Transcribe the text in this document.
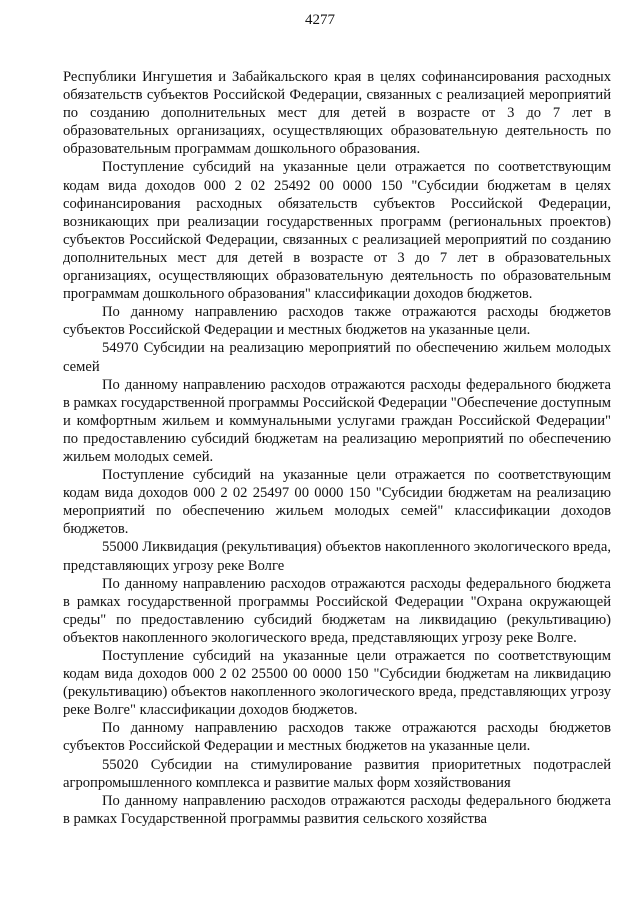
4277

Республики Ингушетия и Забайкальского края в целях софинансирования расходных обязательств субъектов Российской Федерации, связанных с реализацией мероприятий по созданию дополнительных мест для детей в возрасте от 3 до 7 лет в образовательных организациях, осуществляющих образовательную деятельность по образовательным программам дошкольного образования.

Поступление субсидий на указанные цели отражается по соответствующим кодам вида доходов 000 2 02 25492 00 0000 150 "Субсидии бюджетам в целях софинансирования расходных обязательств субъектов Российской Федерации, возникающих при реализации государственных программ (региональных проектов) субъектов Российской Федерации, связанных с реализацией мероприятий по созданию дополнительных мест для детей в возрасте от 3 до 7 лет в образовательных организациях, осуществляющих образовательную деятельность по образовательным программам дошкольного образования" классификации доходов бюджетов.

По данному направлению расходов также отражаются расходы бюджетов субъектов Российской Федерации и местных бюджетов на указанные цели.

54970 Субсидии на реализацию мероприятий по обеспечению жильем молодых семей

По данному направлению расходов отражаются расходы федерального бюджета в рамках государственной программы Российской Федерации "Обеспечение доступным и комфортным жильем и коммунальными услугами граждан Российской Федерации" по предоставлению субсидий бюджетам на реализацию мероприятий по обеспечению жильем молодых семей.

Поступление субсидий на указанные цели отражается по соответствующим кодам вида доходов 000 2 02 25497 00 0000 150 "Субсидии бюджетам на реализацию мероприятий по обеспечению жильем молодых семей" классификации доходов бюджетов.

55000 Ликвидация (рекультивация) объектов накопленного экологического вреда, представляющих угрозу реке Волге

По данному направлению расходов отражаются расходы федерального бюджета в рамках государственной программы Российской Федерации "Охрана окружающей среды" по предоставлению субсидий бюджетам на ликвидацию (рекультивацию) объектов накопленного экологического вреда, представляющих угрозу реке Волге.

Поступление субсидий на указанные цели отражается по соответствующим кодам вида доходов 000 2 02 25500 00 0000 150 "Субсидии бюджетам на ликвидацию (рекультивацию) объектов накопленного экологического вреда, представляющих угрозу реке Волге" классификации доходов бюджетов.

По данному направлению расходов также отражаются расходы бюджетов субъектов Российской Федерации и местных бюджетов на указанные цели.

55020 Субсидии на стимулирование развития приоритетных подотраслей агропромышленного комплекса и развитие малых форм хозяйствования

По данному направлению расходов отражаются расходы федерального бюджета в рамках Государственной программы развития сельского хозяйства
